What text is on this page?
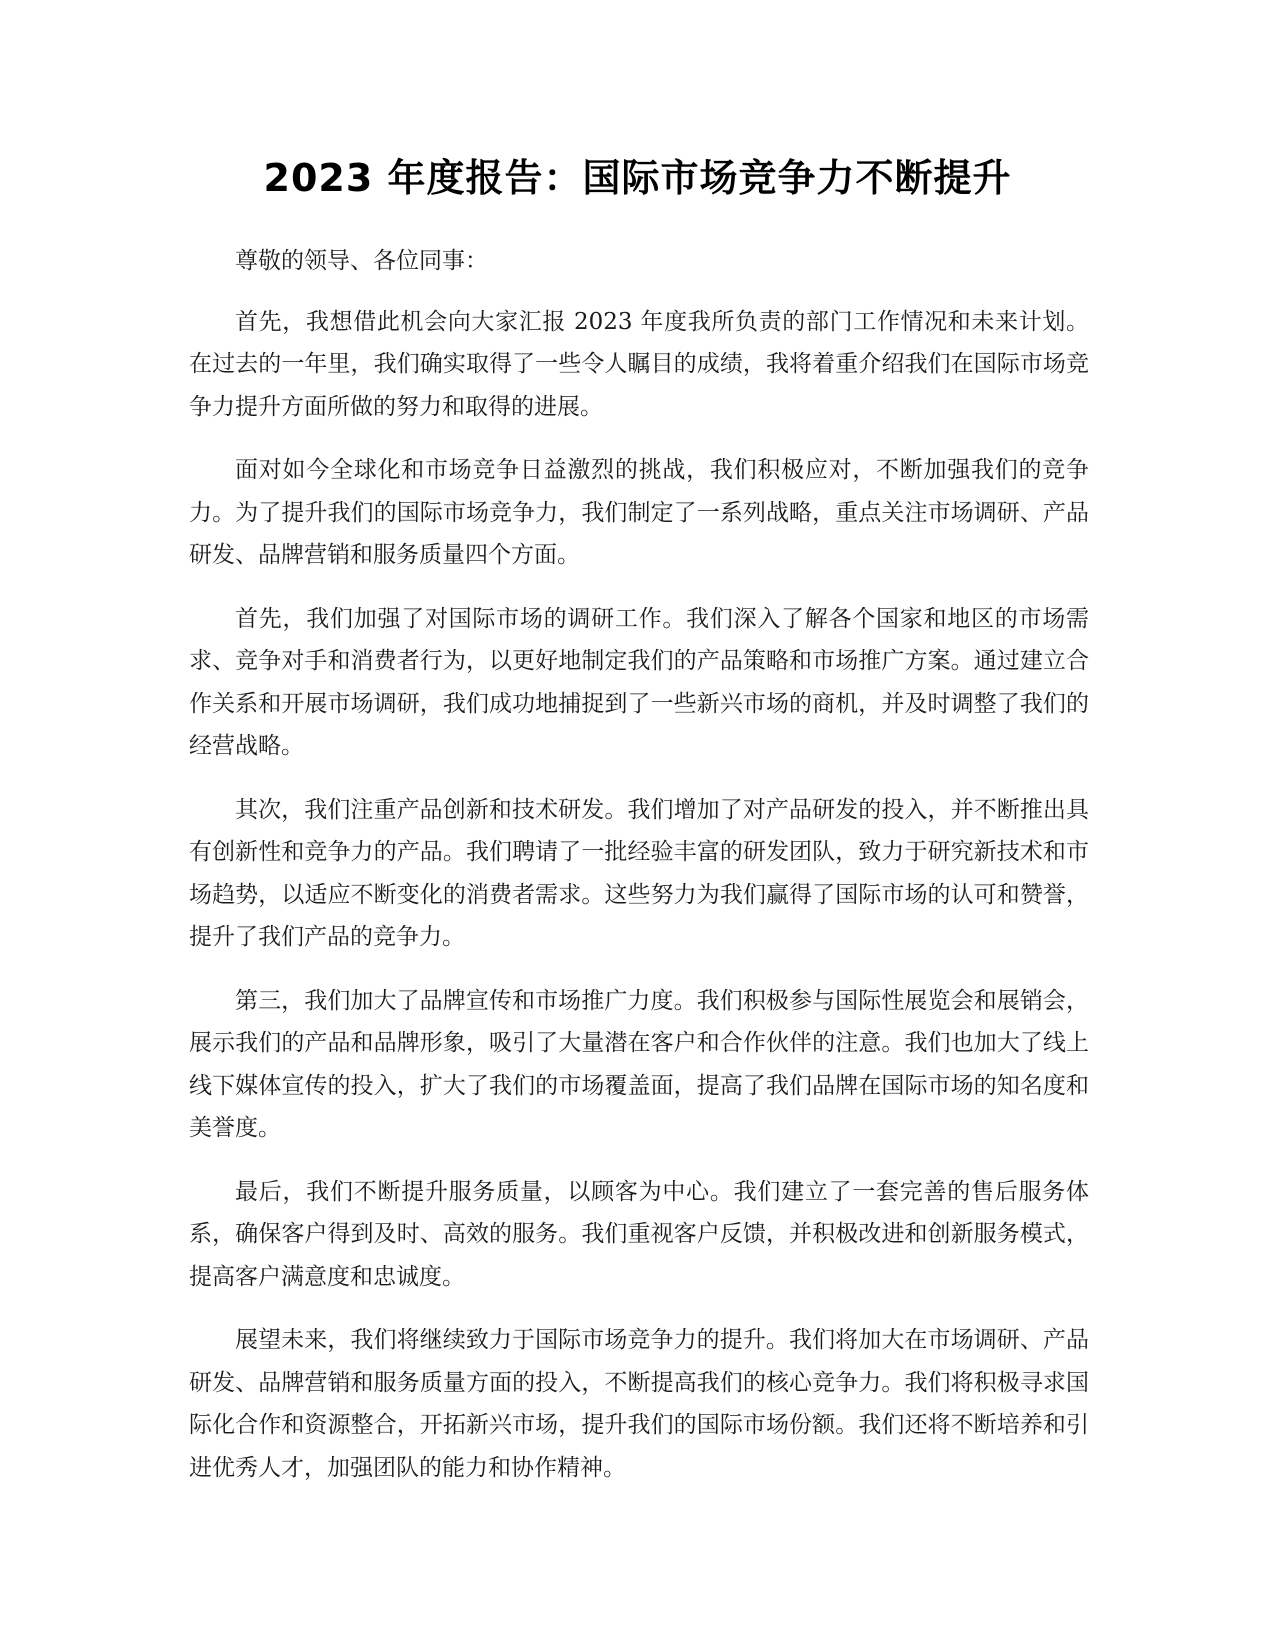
2023 年度报告：国际市场竞争力不断提升

尊敬的领导、各位同事：

首先，我想借此机会向大家汇报 2023 年度我所负责的部门工作情况和未来计划。在过去的一年里，我们确实取得了一些令人瞩目的成绩，我将着重介绍我们在国际市场竞争力提升方面所做的努力和取得的进展。

面对如今全球化和市场竞争日益激烈的挑战，我们积极应对，不断加强我们的竞争力。为了提升我们的国际市场竞争力，我们制定了一系列战略，重点关注市场调研、产品研发、品牌营销和服务质量四个方面。

首先，我们加强了对国际市场的调研工作。我们深入了解各个国家和地区的市场需求、竞争对手和消费者行为，以更好地制定我们的产品策略和市场推广方案。通过建立合作关系和开展市场调研，我们成功地捕捉到了一些新兴市场的商机，并及时调整了我们的经营战略。

其次，我们注重产品创新和技术研发。我们增加了对产品研发的投入，并不断推出具有创新性和竞争力的产品。我们聘请了一批经验丰富的研发团队，致力于研究新技术和市场趋势，以适应不断变化的消费者需求。这些努力为我们赢得了国际市场的认可和赞誉，提升了我们产品的竞争力。

第三，我们加大了品牌宣传和市场推广力度。我们积极参与国际性展览会和展销会，展示我们的产品和品牌形象，吸引了大量潜在客户和合作伙伴的注意。我们也加大了线上线下媒体宣传的投入，扩大了我们的市场覆盖面，提高了我们品牌在国际市场的知名度和美誉度。

最后，我们不断提升服务质量，以顾客为中心。我们建立了一套完善的售后服务体系，确保客户得到及时、高效的服务。我们重视客户反馈，并积极改进和创新服务模式，提高客户满意度和忠诚度。

展望未来，我们将继续致力于国际市场竞争力的提升。我们将加大在市场调研、产品研发、品牌营销和服务质量方面的投入，不断提高我们的核心竞争力。我们将积极寻求国际化合作和资源整合，开拓新兴市场，提升我们的国际市场份额。我们还将不断培养和引进优秀人才，加强团队的能力和协作精神。
